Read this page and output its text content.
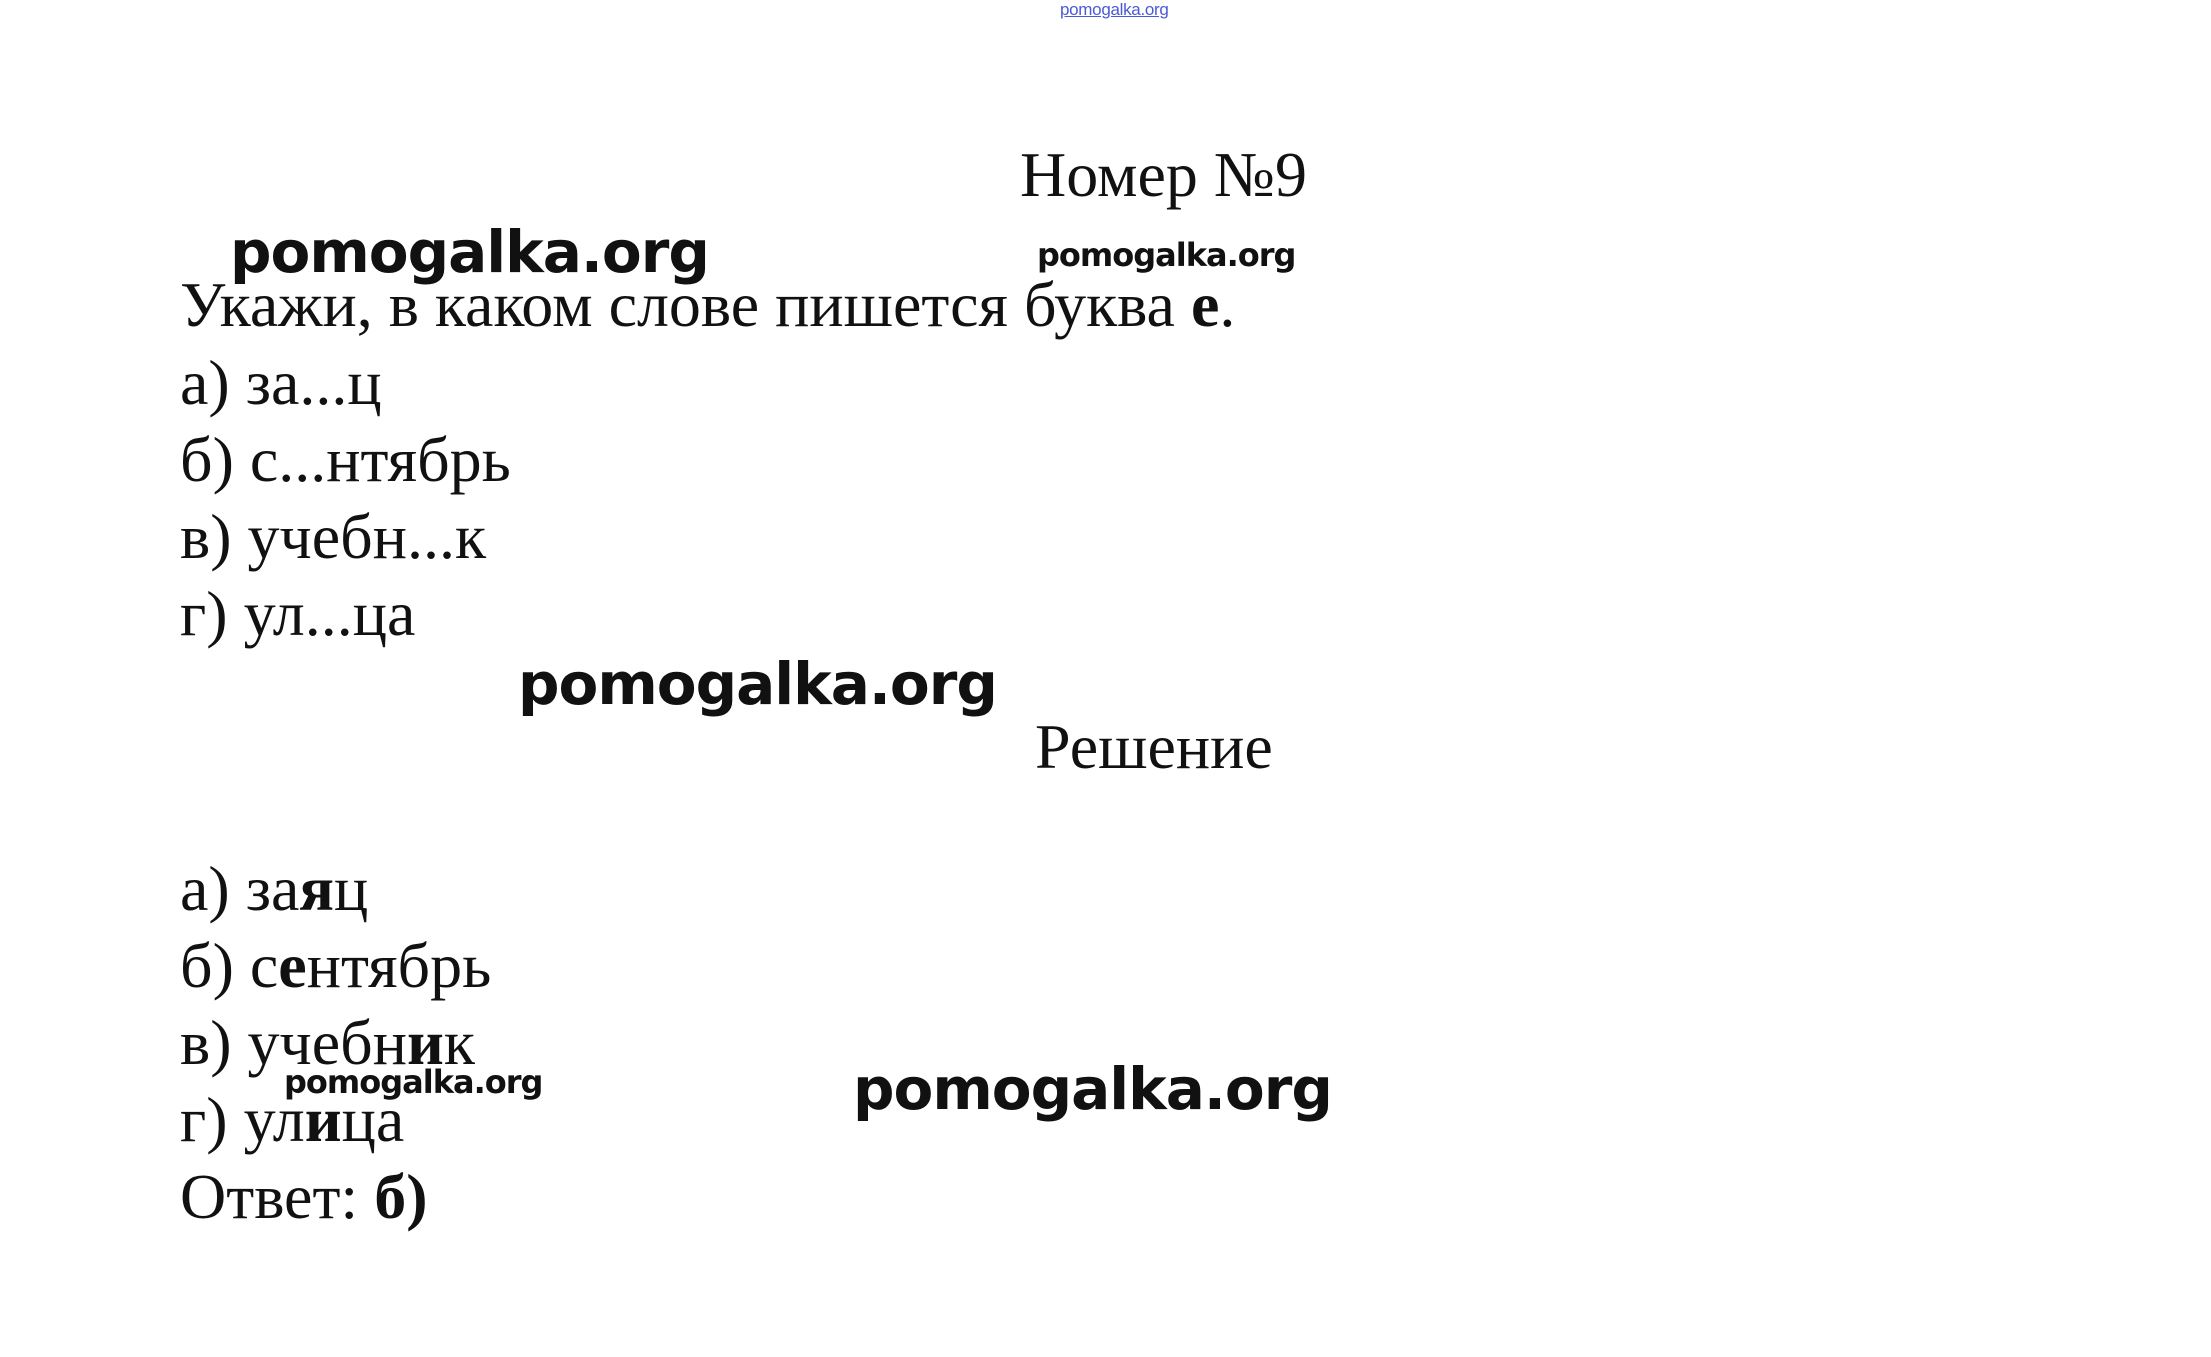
pomogalka.org
Номер №9
pomogalka.org	pomogalka.org
pomogalka.org
pomogalka.org	pomogalka.org
Укажи, в каком слове пишется буква е.
а) за...ц
б) с...нтябрь
в) учебн...к
г) ул...ца
Решение
а) заяц
б) сентябрь
в) учебник
г) улица
Ответ: б)
